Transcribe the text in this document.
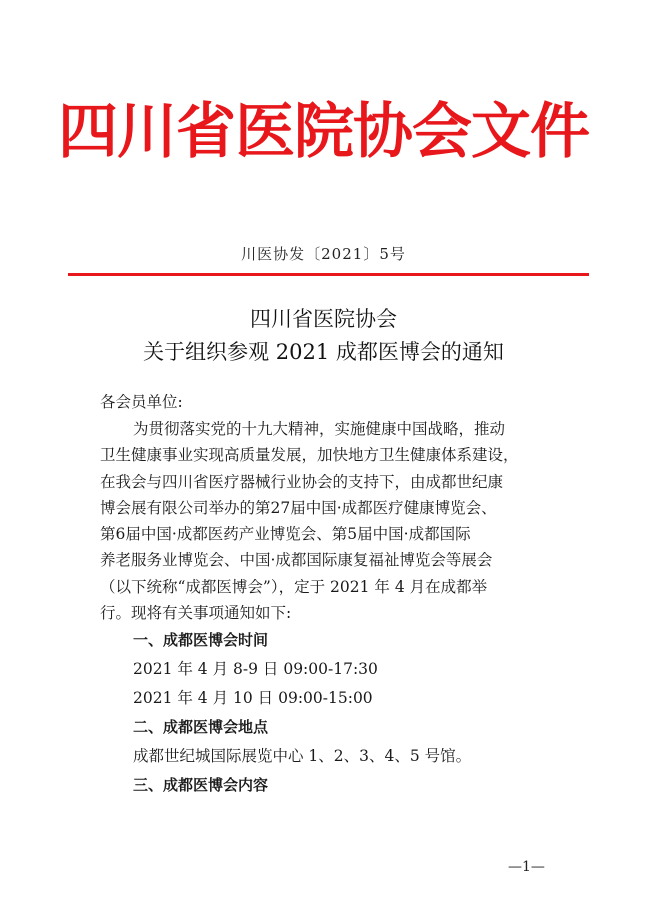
四川省医院协会文件
川医协发〔2021〕5号
四川省医院协会
关于组织参观 2021 成都医博会的通知
各会员单位:
为贯彻落实党的十九大精神，实施健康中国战略，推动
卫生健康事业实现高质量发展，加快地方卫生健康体系建设，
在我会与四川省医疗器械行业协会的支持下，由成都世纪康
博会展有限公司举办的第27届中国·成都医疗健康博览会、
第6届中国·成都医药产业博览会、第5届中国·成都国际
养老服务业博览会、中国·成都国际康复福祉博览会等展会
（以下统称“成都医博会”），定于 2021 年 4 月在成都举
行。现将有关事项通知如下:
一、成都医博会时间
2021 年 4 月 8-9 日 09:00-17:30
2021 年 4 月 10 日 09:00-15:00
二、成都医博会地点
成都世纪城国际展览中心 1、2、3、4、5 号馆。
三、成都医博会内容
—1—
